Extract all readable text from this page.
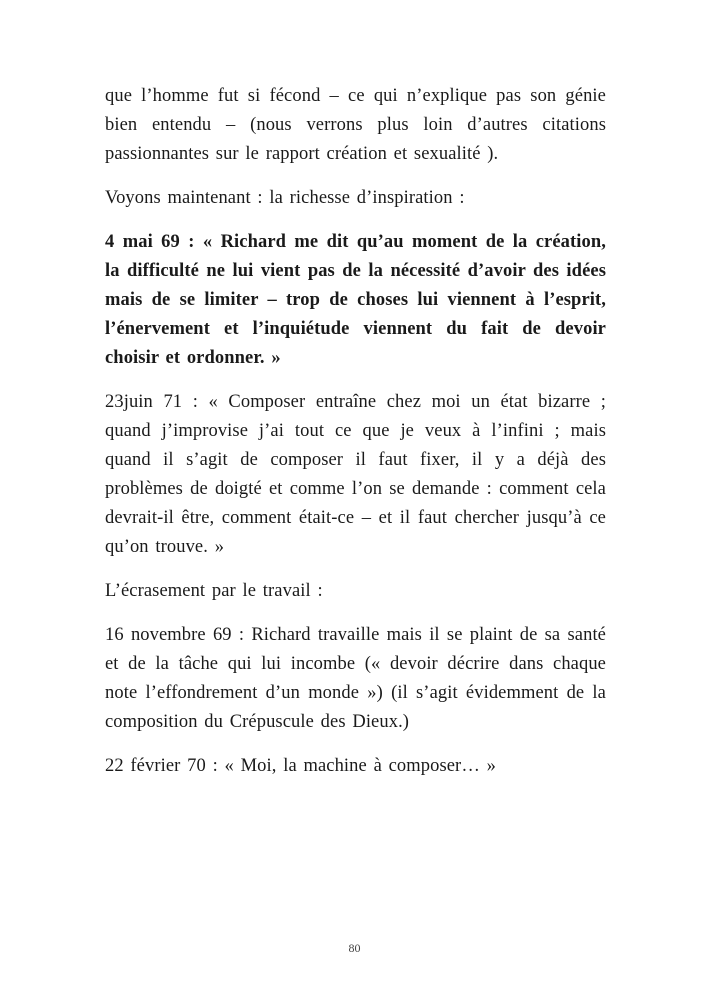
que l’homme fut si fécond – ce qui n’explique pas son génie bien entendu – (nous verrons plus loin d’autres citations passionnantes sur le rapport création et sexualité ).

Voyons maintenant : la richesse d’inspiration :

4 mai 69 : « Richard me dit qu’au moment de la création, la difficulté ne lui vient pas de la nécessité d’avoir des idées mais de se limiter – trop de choses lui viennent à l’esprit, l’énervement et l’inquiétude viennent du fait de devoir choisir et ordonner. »

23juin 71 : « Composer entraîne chez moi un état bizarre ; quand j’improvise j’ai tout ce que je veux à l’infini ; mais quand il s’agit de composer il faut fixer, il y a déjà des problèmes de doigté et comme l’on se demande : comment cela devrait-il être, comment était-ce – et il faut chercher jusqu’à ce qu’on trouve. »

L’écrasement par le travail :

16 novembre 69 : Richard travaille mais il se plaint de sa santé et de la tâche qui lui incombe (« devoir décrire dans chaque note l’effondrement d’un monde ») (il s’agit évidemment de la composition du Crépuscule des Dieux.)

22 février 70 : « Moi, la machine à composer… »

80
